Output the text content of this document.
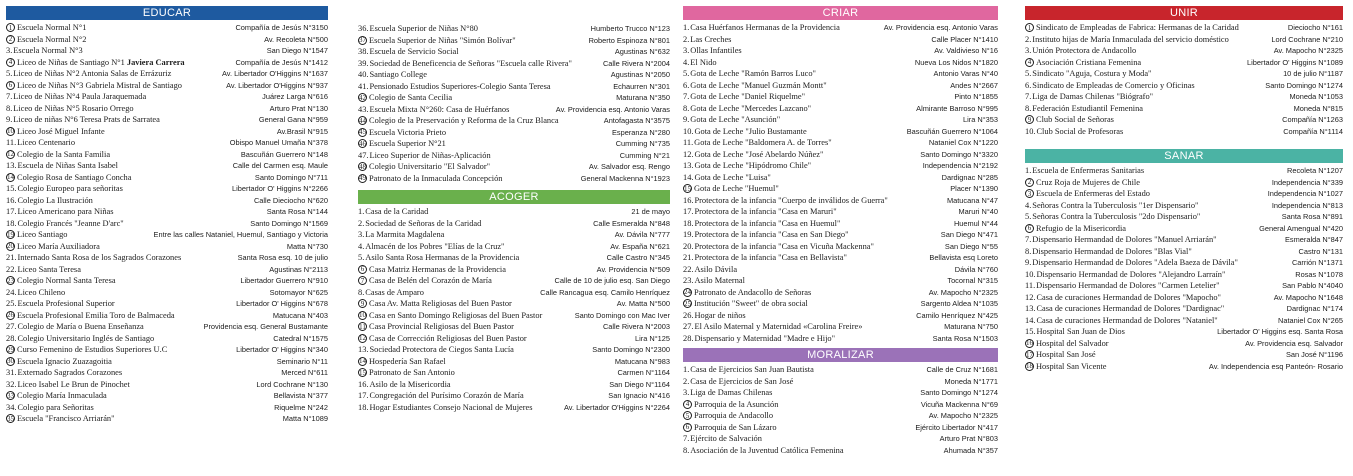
EDUCAR
1 Escuela Normal N°1	Compañía de Jesús N°3150
2 Escuela Normal N°2	Av. Recoleta N°500
3. Escuela Normal N°3	San Diego N°1547
4 Liceo de Niñas de Santiago N°1 Javiera Carrera	Compañía de Jesús N°1412
5. Liceo de Niñas N°2 Antonia Salas de Errázuriz	Av. Libertador O'Higgins N°1637
6 Liceo de Niñas N°3 Gabriela Mistral de Santiago	Av. Libertador O'Higgins N°937
7. Liceo de Niñas N°4 Paula Jaraquemada	Juárez Larga N°616
8. Liceo de Niñas N°5 Rosario Orrego	Arturo Prat N°130
9. Liceo de niñas N°6 Teresa Prats de Sarratea	General Gana N°959
10 Liceo José Miguel Infante	Av.Brasil N°915
11. Liceo Centenario	Obispo Manuel Umaña N°378
12 Colegio de la Santa Familia	Bascuñán Guerrero N°148
13. Escuela de Niñas Santa Isabel	Calle del Carmen esq. Maule
14 Colegio Rosa de Santiago Concha	Santo Domingo N°711
15. Colegio Europeo para señoritas	Libertador O' Higgins N°2266
16. Colegio La Ilustración	Calle Dieciocho N°620
17. Liceo Americano para Niñas	Santa Rosa N°144
18. Colegio Francés "Jeanne D'arc"	Santo Domingo N°1569
19 Liceo Santiago	Entre las calles Nataniel, Huemul, Santiago y Victoria
20 Liceo María Auxiliadora	Matta N°730
21. Internado Santa Rosa de los Sagrados Corazones	Santa Rosa esq. 10 de julio
22. Liceo Santa Teresa	Agustinas N°2113
23 Colegio Normal Santa Teresa	Libertador Guerrero N°910
24. Liceo Chileno	Sotomayor N°625
25. Escuela Profesional Superior	Libertador O' Higgins N°678
26 Escuela Profesional Emilia Toro de Balmaceda	Matucana N°403
27. Colegio de María o Buena Enseñanza	Providencia esq. General Bustamante
28. Colegio Universitario Inglés de Santiago	Catedral N°1575
29 Curso Femenino de Estudios Superiores U.C	Libertador O' Higgins N°340
30 Escuela Ignacio Zuazagoitia	Seminario N°11
31. Externado Sagrados Corazones	Merced N°611
32. Liceo Isabel Le Brun de Pinochet	Lord Cochrane N°130
33 Colegio María Inmaculada	Bellavista N°377
34. Colegio para Señoritas	Riquelme N°242
35 Escuela "Francisco Arriarán"	Matta N°1089
36. Escuela Superior de Niñas N°80	Humberto Trucco N°123
37 Escuela Superior de Niñas "Simón Bolívar"	Roberto Espinoza N°801
38. Escuela de Servicio Social	Agustinas N°632
39. Sociedad de Beneficencia de Señoras "Escuela calle Rivera"	Calle Rivera N°2004
40. Santiago College	Agustinas N°2050
41. Pensionado Estudios Superiores-Colegio Santa Teresa	Echaurren N°301
42 Colegio de Santa Cecilia	Maturana N°350
43. Escuela Mixta N°260: Casa de Huérfanos	Av. Providencia esq. Antonio Varas
44 Colegio de la Preservación y Reforma de la Cruz Blanca	Antofagasta N°3575
45 Escuela Victoria Prieto	Esperanza N°280
46 Escuela Superior N°21	Cumming N°735
47. Liceo Superior de Niñas-Aplicación	Cumming N°21
48 Colegio Universitario "El Salvador"	Av. Salvador esq. Rengo
49 Patronato de la Inmaculada Concepción	General Mackenna N°1923
ACOGER
1. Casa de la Caridad	21 de mayo
2. Sociedad de Señoras de la Caridad	Calle Esmeralda N°848
3. La Marmita Magdalena	Av. Dávila N°777
4. Almacén de los Pobres "Elías de la Cruz"	Av. España N°621
5. Asilo Santa Rosa Hermanas de la Providencia	Calle Castro N°345
6 Casa Matriz Hermanas de la Providencia	Av. Providencia N°509
7 Casa de Belén del Corazón de María	Calle de 10 de julio esq. San Diego
8. Casas de Amparo	Calle Rancagua esq. Camilo Henríquez
9 Casa Av. Matta Religiosas del Buen Pastor	Av. Matta N°500
10 Casa en Santo Domingo Religiosas del Buen Pastor	Santo Domingo con Mac Iver
11 Casa Provincial Religiosas del Buen Pastor	Calle Rivera N°2003
12 Casa de Corrección Religiosas del Buen Pastor	Lira N°125
13. Sociedad Protectora de Ciegos Santa Lucía	Santo Domingo N°2300
14 Hospedería San Rafael	Matucana N°983
15 Patronato de San Antonio	Carmen N°1164
16. Asilo de la Misericordia	San Diego N°1164
17. Congregación del Purísimo Corazón de María	San Ignacio N°416
18. Hogar Estudiantes Consejo Nacional de Mujeres	Av. Libertador O'Higgins N°2264
CRIAR
1. Casa Huérfanos Hermanas de la Providencia	Av. Providencia esq. Antonio Varas
2. Las Creches	Calle Placer N°1410
3. Ollas Infantiles	Av. Valdivieso N°16
4. El Nido	Nueva Los Nidos N°1820
5. Gota de Leche "Ramón Barros Luco"	Antonio Varas N°40
6. Gota de Leche "Manuel Guzmán Montt"	Andes N°2667
7. Gota de Leche "Daniel Riquelme"	Pinto N°1855
8. Gota de Leche "Mercedes Lazcano"	Almirante Barroso N°995
9. Gota de Leche "Asunción"	Lira N°353
10. Gota de Leche "Julio Bustamante	Bascuñán Guerrero N°1064
11. Gota de Leche "Baldomera A. de Torres"	Nataniel Cox N°1220
12. Gota de Leche "José Abelardo Núñez"	Santo Domingo N°3320
13. Gota de Leche "Hipódromo Chile"	Independencia N°2192
14. Gota de Leche "Luisa"	Dardignac N°285
15 Gota de Leche "Huemul"	Placer N°1390
16. Protectora de la infancia "Cuerpo de inválidos de Guerra"	Matucana N°47
17. Protectora de la infancia "Casa en Maruri"	Maruri N°40
18. Protectora de la infancia "Casa en Huemul"	Huemul N°44
19. Protectora de la infancia "Casa en San Diego"	San Diego N°471
20. Protectora de la infancia "Casa en Vicuña Mackenna"	San Diego N°55
21. Protectora de la infancia "Casa en Bellavista"	Bellavista esq Loreto
22. Asilo Dávila	Dávila N°760
23. Asilo Maternal	Tocornal N°315
24 Patronato de Andacollo de Señoras	Av. Mapocho N°2325
25 Institución "Sweet" de obra social	Sargento Aldea N°1035
26. Hogar de niños	Camilo Henríquez N°425
27. El Asilo Maternal y Maternidad «Carolina Freire»	Maturana N°750
28. Dispensario y Maternidad "Madre e Hijo"	Santa Rosa N°1503
MORALIZAR
1. Casa de Ejercicios San Juan Bautista	Calle de Cruz N°1681
2. Casa de Ejercicios de San José	Moneda N°1771
3. Liga de Damas Chilenas	Santo Domingo N°1274
4 Parroquia de la Asunción	Vicuña Mackenna N°69
5 Parroquia de Andacollo	Av. Mapocho N°2325
6 Parroquia de San Lázaro	Ejército Libertador N°417
7. Ejército de Salvación	Arturo Prat N°803
8. Asociación de la Juventud Católica Femenina	Ahumada N°357
UNIR
1 Sindicato de Empleadas de Fabrica: Hermanas de la Caridad	Dieciocho N°161
2. Instituto hijas de María Inmaculada del servicio doméstico	Lord Cochrane N°210
3. Unión Protectora de Andacollo	Av. Mapocho N°2325
4 Asociación Cristiana Femenina	Libertador O' Higgins N°1089
5. Sindicato "Aguja, Costura y Moda"	10 de julio N°1187
6. Sindicato de Empleadas de Comercio y Oficinas	Santo Domingo N°1274
7. Liga de Damas Chilenas "Biógrafo"	Moneda N°1053
8. Federación Estudiantil Femenina	Moneda N°815
9 Club Social de Señoras	Compañía N°1263
10. Club Social de Profesoras	Compañía N°1114
SANAR
1. Escuela de Enfermeras Sanitarias	Recoleta N°1207
2 Cruz Roja de Mujeres de Chile	Independencia N°339
3 Escuela de Enfermeras del Estado	Independencia N°1027
4. Señoras Contra la Tuberculosis "1er Dispensario"	Independencia N°813
5. Señoras Contra la Tuberculosis "2do Dispensario"	Santa Rosa N°891
6 Refugio de la Misericordia	General Amengual N°420
7. Dispensario Hermandad de Dolores "Manuel Arriarán"	Esmeralda N°847
8. Dispensario Hermandad de Dolores "Blas Vial"	Castro N°131
9. Dispensario Hermandad de Dolores "Adela Baeza de Dávila"	Carrión N°1371
10. Dispensario Hermandad de Dolores "Alejandro Larraín"	Rosas N°1078
11. Dispensario Hermandad de Dolores "Carmen Letelier"	San Pablo N°4040
12. Casa de curaciones Hermandad de Dolores "Mapocho"	Av. Mapocho N°1648
13. Casa de curaciones Hermandad de Dolores "Dardignac"	Dardignac N°174
14. Casa de curaciones Hermandad de Dolores "Nataniel"	Nataniel Cox N°265
15. Hospital San Juan de Dios	Libertador O' Higgins esq. Santa Rosa
16 Hospital del Salvador	Av. Providencia esq. Salvador
17 Hospital San José	San José N°1196
18 Hospital San Vicente	Av. Independencia esq Panteón- Rosario
